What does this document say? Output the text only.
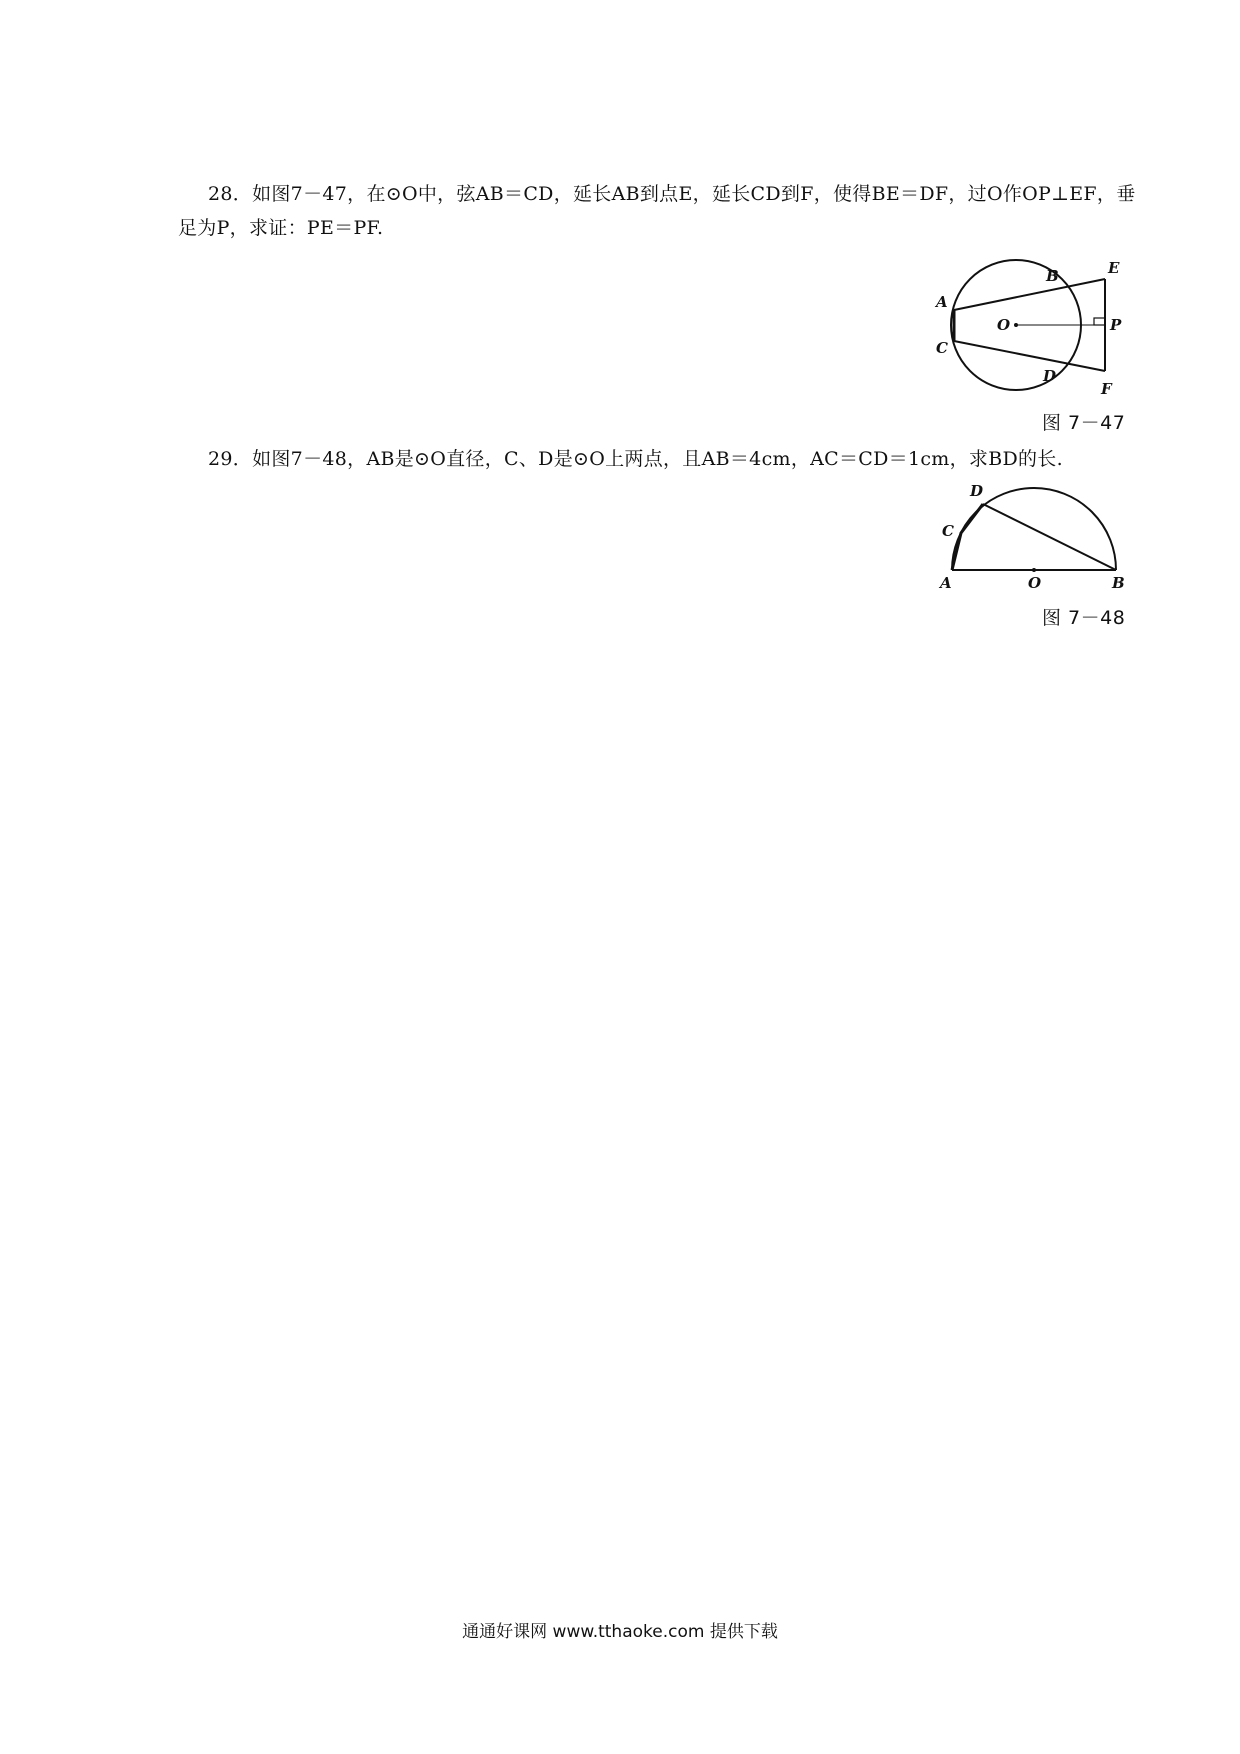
28．如图7－47，在⊙O中，弦AB＝CD，延长AB到点E，延长CD到F，使得BE＝DF，过O作OP⊥EF，垂足为P，求证：PE＝PF.

A
B
C
D
E
F
O	P
图 7－47

29．如图7－48，AB是⊙O直径，C、D是⊙O上两点，且AB＝4cm，AC＝CD＝1cm，求BD的长.

A	B
C
D
O
图 7－48
通通好课网 www.tthaoke.com 提供下载
